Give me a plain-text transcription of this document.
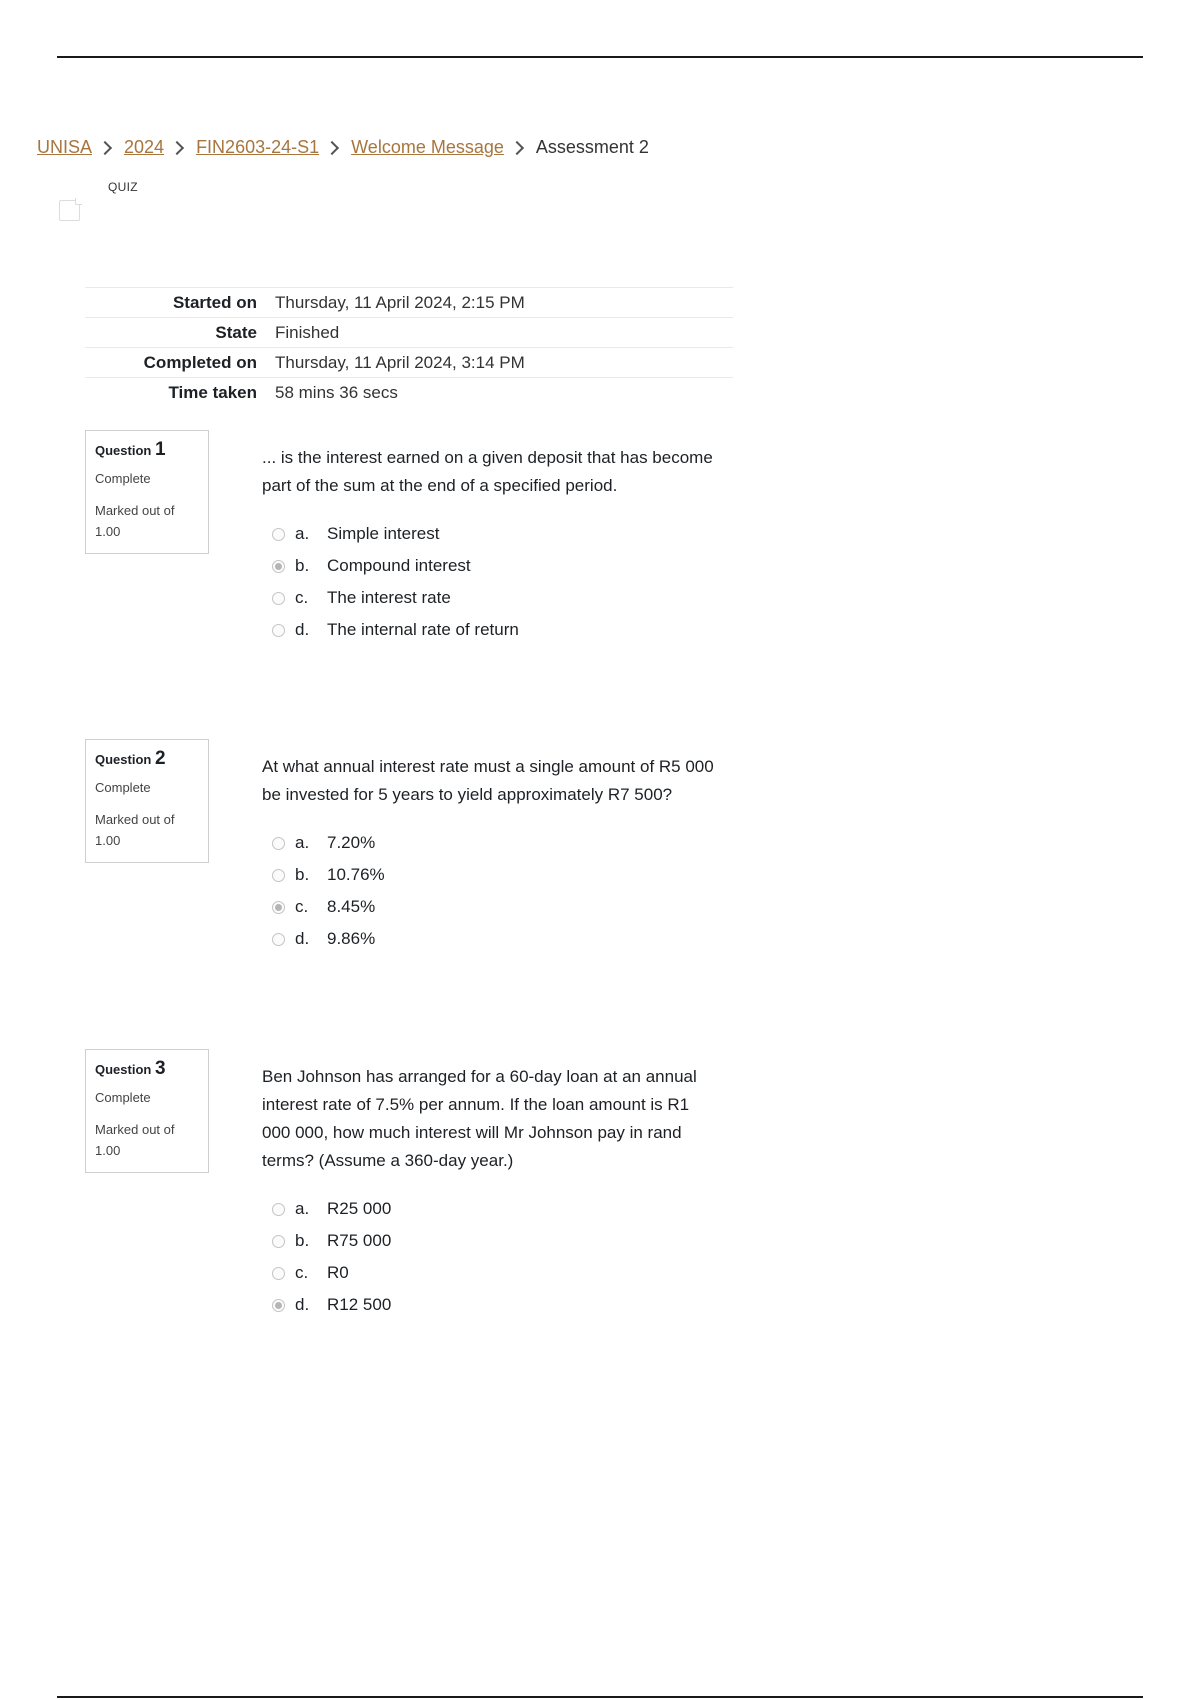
UNISA 2024 FIN2603-24-S1 Welcome Message Assessment 2
QUIZ
Started on	Thursday, 11 April 2024, 2:15 PM
State	Finished
Completed on	Thursday, 11 April 2024, 3:14 PM
Time taken	58 mins 36 secs
Question 1
Complete
Marked out of 1.00
... is the interest earned on a given deposit that has become part of the sum at the end of a specified period.
a.	Simple interest
b.	Compound interest
c.	The interest rate
d.	The internal rate of return
Question 2
Complete
Marked out of 1.00
At what annual interest rate must a single amount of R5 000 be invested for 5 years to yield approximately R7 500?
a.	7.20%
b.	10.76%
c.	8.45%
d.	9.86%
Question 3
Complete
Marked out of 1.00
Ben Johnson has arranged for a 60-day loan at an annual interest rate of 7.5% per annum. If the loan amount is R1 000 000, how much interest will Mr Johnson pay in rand terms? (Assume a 360-day year.)
a.	R25 000
b.	R75 000
c.	R0
d.	R12 500
